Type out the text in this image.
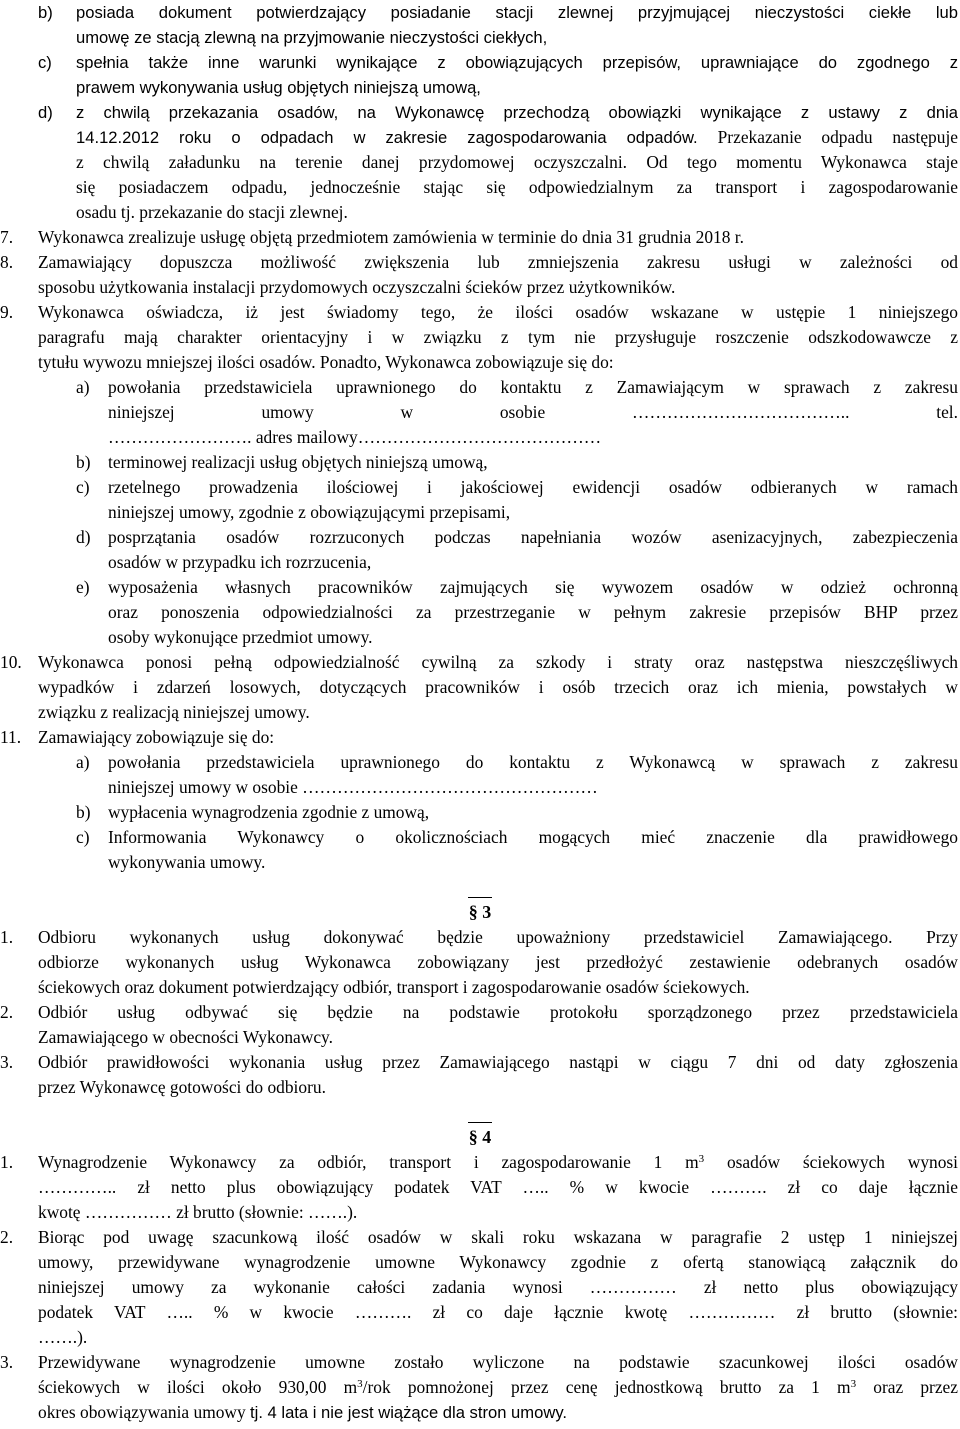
b) posiada dokument potwierdzający posiadanie stacji zlewnej przyjmującej nieczystości ciekłe lub
umowę ze stacją zlewną na przyjmowanie nieczystości ciekłych,
c) spełnia także inne warunki wynikające z obowiązujących przepisów, uprawniające do zgodnego z
prawem wykonywania usług objętych niniejszą umową,
d) z chwilą przekazania osadów, na Wykonawcę przechodzą obowiązki wynikające z ustawy z dnia
14.12.2012 roku o odpadach w zakresie zagospodarowania odpadów. Przekazanie odpadu następuje
z chwilą załadunku na terenie danej przydomowej oczyszczalni. Od tego momentu Wykonawca staje
się posiadaczem odpadu, jednocześnie stając się odpowiedzialnym za transport i zagospodarowanie
osadu tj. przekazanie do stacji zlewnej.
7. Wykonawca zrealizuje usługę objętą przedmiotem zamówienia w terminie do dnia 31 grudnia 2018 r.
8. Zamawiający dopuszcza możliwość zwiększenia lub zmniejszenia zakresu usługi w zależności od
sposobu użytkowania instalacji przydomowych oczyszczalni ścieków przez użytkowników.
9. Wykonawca oświadcza, iż jest świadomy tego, że ilości osadów wskazane w ustępie 1 niniejszego
paragrafu mają charakter orientacyjny i w związku z tym nie przysługuje roszczenie odszkodowawcze z
tytułu wywozu mniejszej ilości osadów. Ponadto, Wykonawca zobowiązuje się do:
a) powołania przedstawiciela uprawnionego do kontaktu z Zamawiającym w sprawach z zakresu
niniejszej umowy w osobie ……………………………….. tel.
……………………. adres mailowy……………………………………
b) terminowej realizacji usług objętych niniejszą umową,
c) rzetelnego prowadzenia ilościowej i jakościowej ewidencji osadów odbieranych w ramach
niniejszej umowy, zgodnie z obowiązującymi przepisami,
d) posprzątania osadów rozrzuconych podczas napełniania wozów asenizacyjnych, zabezpieczenia
osadów w przypadku ich rozrzucenia,
e) wyposażenia własnych pracowników zajmujących się wywozem osadów w odzież ochronną
oraz ponoszenia odpowiedzialności za przestrzeganie w pełnym zakresie przepisów BHP przez
osoby wykonujące przedmiot umowy.
10. Wykonawca ponosi pełną odpowiedzialność cywilną za szkody i straty oraz następstwa nieszczęśliwych
wypadków i zdarzeń losowych, dotyczących pracowników i osób trzecich oraz ich mienia, powstałych w
związku z realizacją niniejszej umowy.
11. Zamawiający zobowiązuje się do:
a) powołania przedstawiciela uprawnionego do kontaktu z Wykonawcą w sprawach z zakresu
niniejszej umowy w osobie ……………………………………………
b) wypłacenia wynagrodzenia zgodnie z umową,
c) Informowania Wykonawcy o okolicznościach mogących mieć znaczenie dla prawidłowego
wykonywania umowy.
1. Odbioru wykonanych usług dokonywać będzie upoważniony przedstawiciel Zamawiającego. Przy
odbiorze wykonanych usług Wykonawca zobowiązany jest przedłożyć zestawienie odebranych osadów
ściekowych oraz dokument potwierdzający odbiór, transport i zagospodarowanie osadów ściekowych.
2. Odbiór usług odbywać się będzie na podstawie protokołu sporządzonego przez przedstawiciela
Zamawiającego w obecności Wykonawcy.
3. Odbiór prawidłowości wykonania usług przez Zamawiającego nastąpi w ciągu 7 dni od daty zgłoszenia
przez Wykonawcę gotowości do odbioru.
1. Wynagrodzenie Wykonawcy za odbiór, transport i zagospodarowanie 1 $m^3$ osadów ściekowych wynosi
………….. zł netto plus obowiązujący podatek VAT ….. % w kwocie ………. zł co daje łącznie
kwotę …………… zł brutto (słownie: …….).
2. Biorąc pod uwagę szacunkową ilość osadów w skali roku wskazana w paragrafie 2 ustęp 1 niniejszej
umowy, przewidywane wynagrodzenie umowne Wykonawcy zgodnie z ofertą stanowiącą załącznik do
niniejszej umowy za wykonanie całości zadania wynosi …………… zł netto plus obowiązujący
podatek VAT ….. % w kwocie ………. zł co daje łącznie kwotę …………… zł brutto (słownie:
…….).
3. Przewidywane wynagrodzenie umowne zostało wyliczone na podstawie szacunkowej ilości osadów
ściekowych w ilości około 930,00 $m^3$/rok pomnożonej przez cenę jednostkową brutto za 1 $m^3$ oraz przez
okres obowiązywania umowy tj. 4 lata i nie jest wiążące dla stron umowy.
§ 3
§ 4
